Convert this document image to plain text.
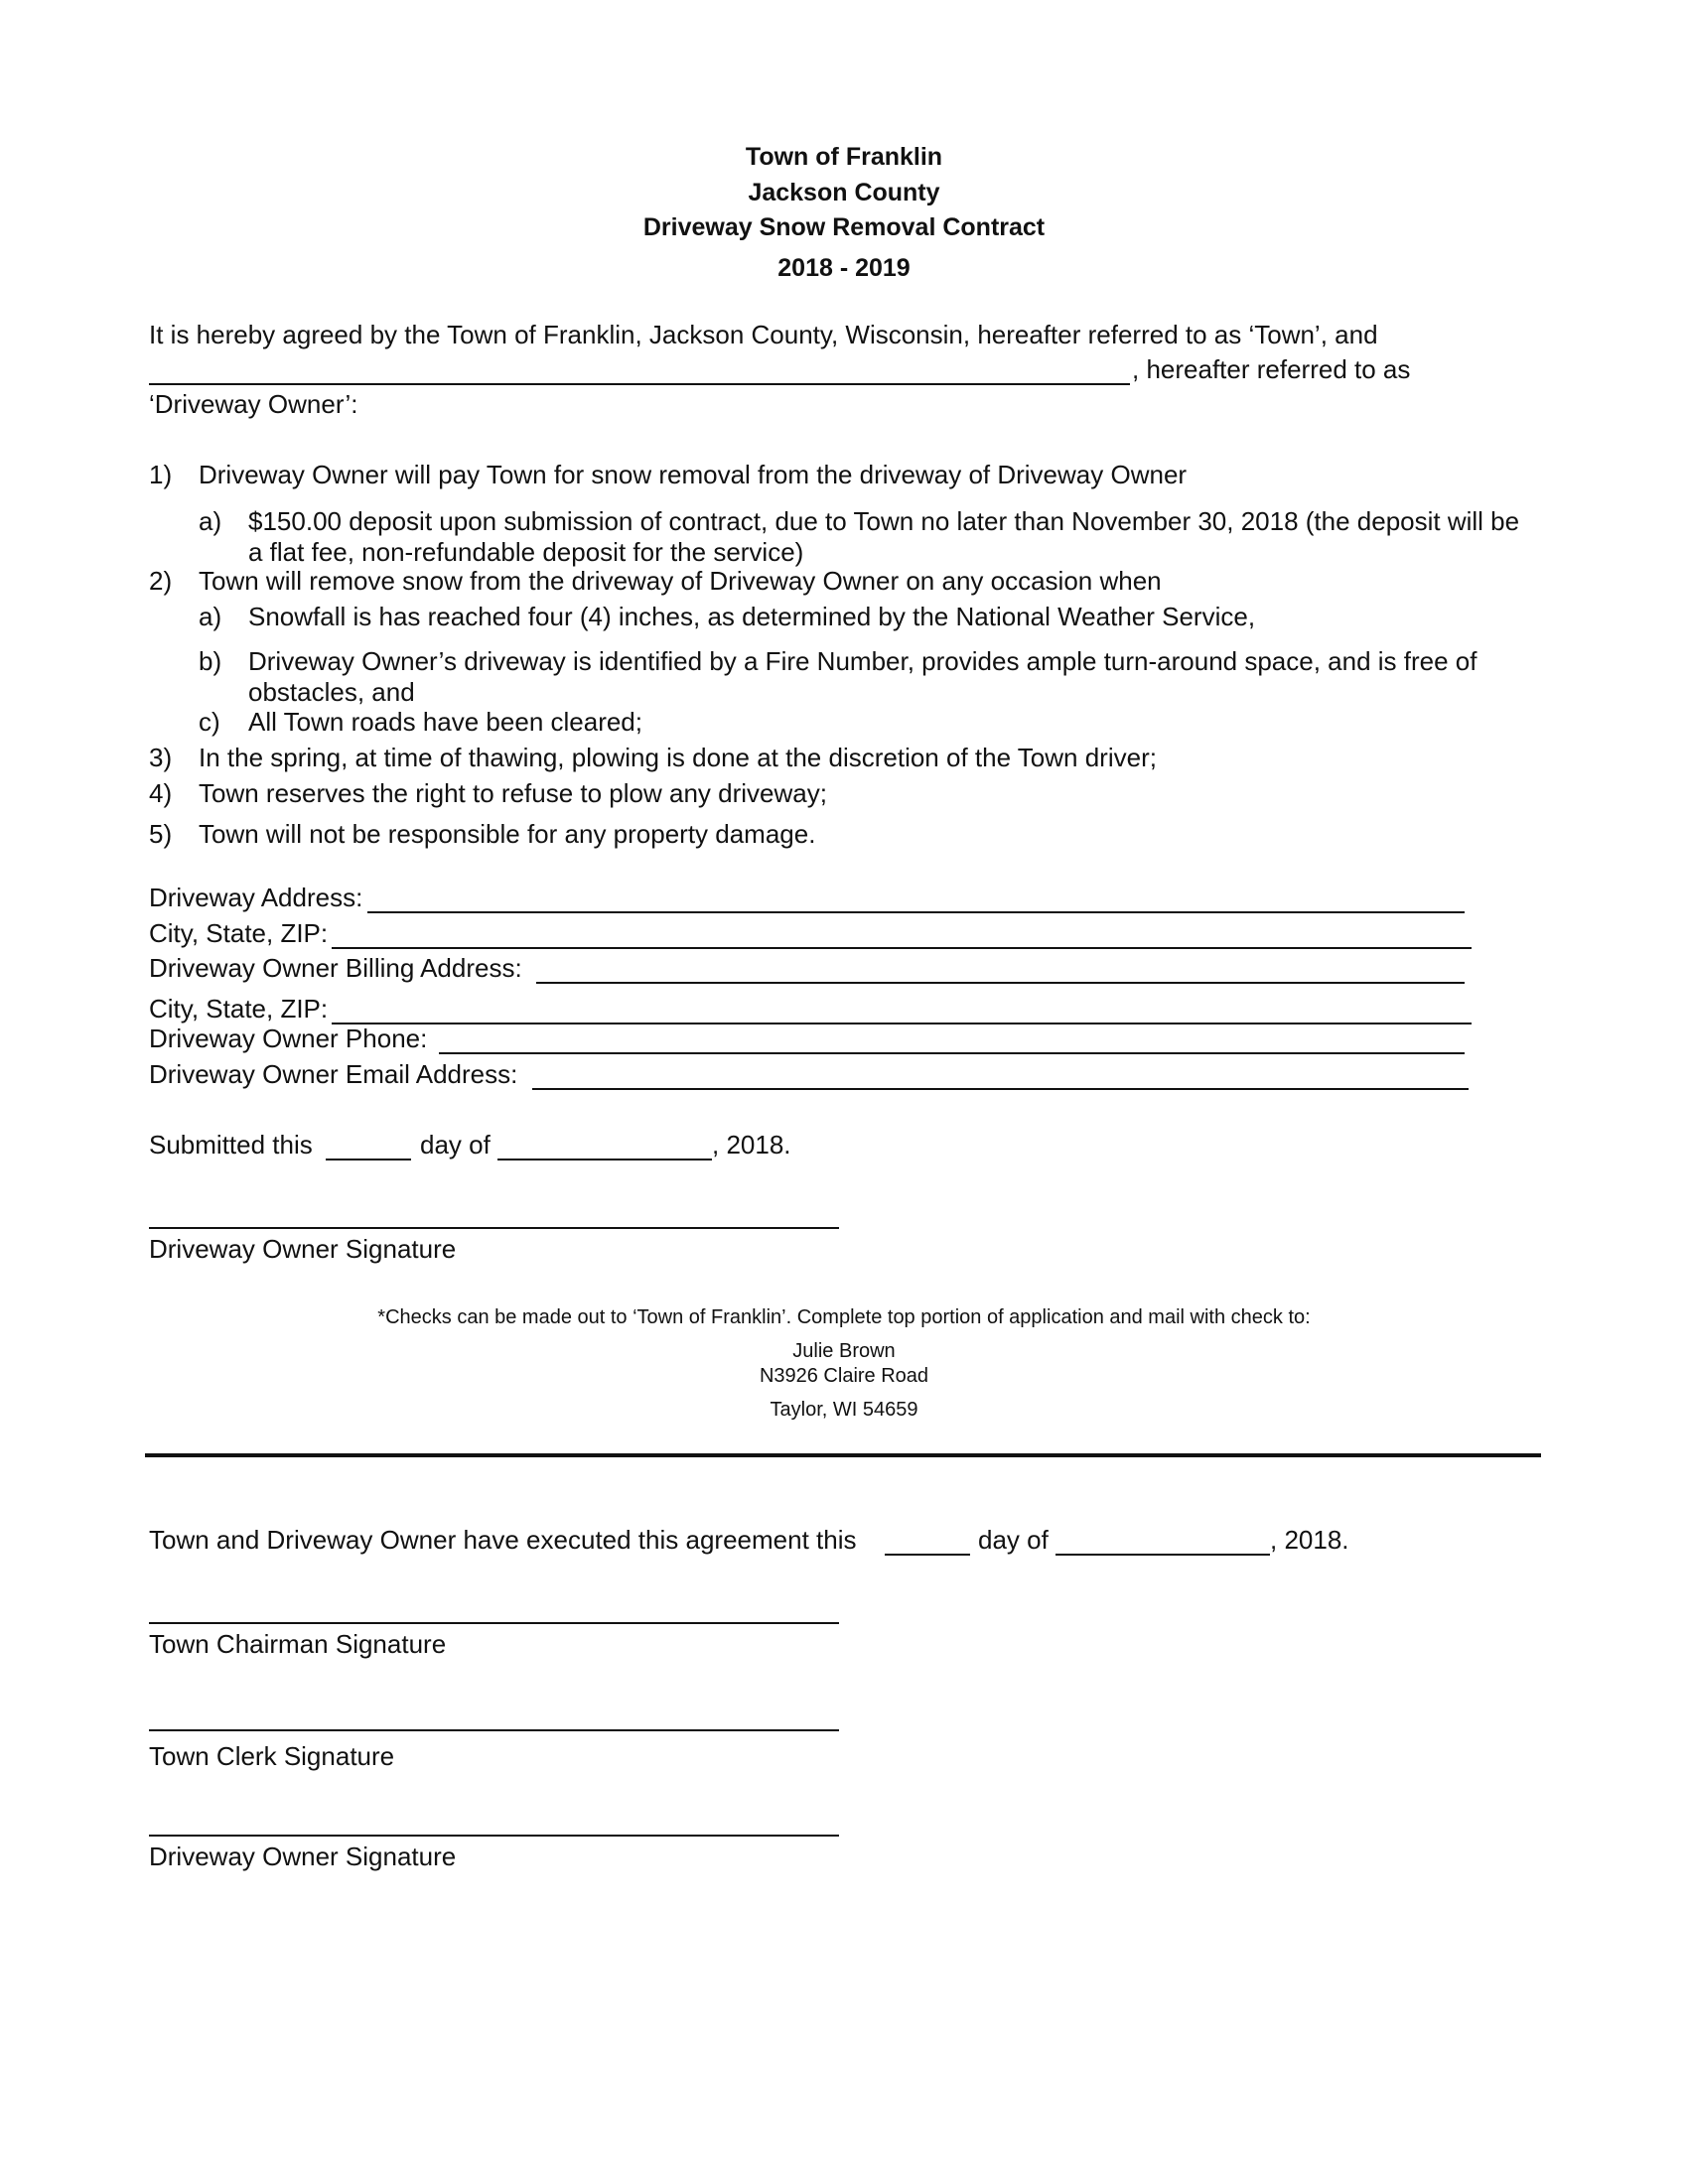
Town of Franklin
Jackson County
Driveway Snow Removal Contract
2018 - 2019
It is hereby agreed by the Town of Franklin, Jackson County, Wisconsin, hereafter referred to as ‘Town’, and
, hereafter referred to as
‘Driveway Owner’:
1) Driveway Owner will pay Town for snow removal from the driveway of Driveway Owner
a) $150.00 deposit upon submission of contract, due to Town no later than November 30, 2018 (the deposit will be a flat fee, non-refundable deposit for the service)
2) Town will remove snow from the driveway of Driveway Owner on any occasion when
a) Snowfall is has reached four (4) inches, as determined by the National Weather Service,
b) Driveway Owner’s driveway is identified by a Fire Number, provides ample turn-around space, and is free of obstacles, and
c) All Town roads have been cleared;
3) In the spring, at time of thawing, plowing is done at the discretion of the Town driver;
4) Town reserves the right to refuse to plow any driveway;
5) Town will not be responsible for any property damage.
Driveway Address:
City, State, ZIP:
Driveway Owner Billing Address:
City, State, ZIP:
Driveway Owner Phone:
Driveway Owner Email Address:
Submitted this	day of	, 2018.
Driveway Owner Signature
*Checks can be made out to ‘Town of Franklin’. Complete top portion of application and mail with check to:
Julie Brown
N3926 Claire Road
Taylor, WI 54659
Town and Driveway Owner have executed this agreement this	day of	, 2018.
Town Chairman Signature
Town Clerk Signature
Driveway Owner Signature
